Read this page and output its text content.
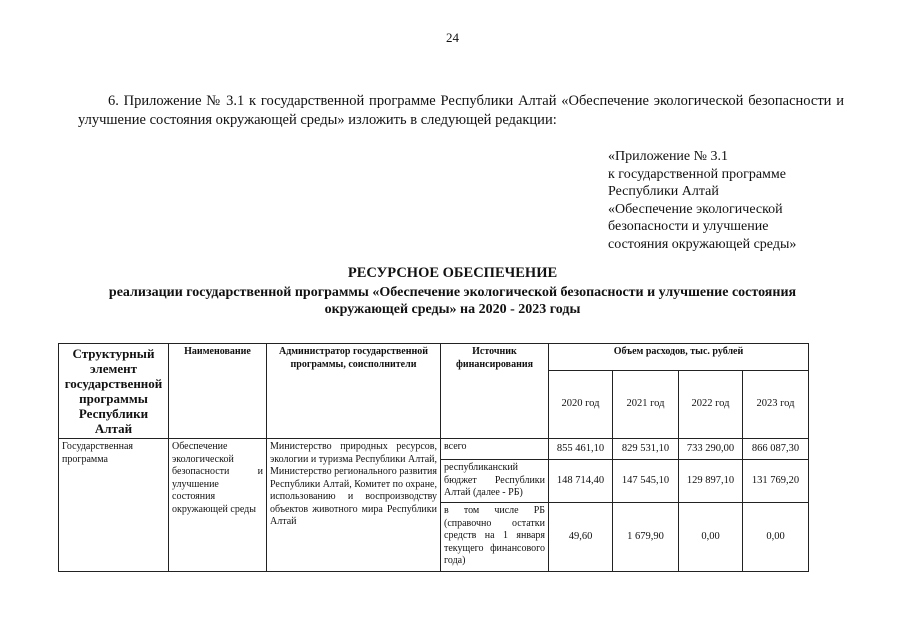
24

6. Приложение № 3.1 к государственной программе Республики Алтай «Обеспечение экологической безопасности и улучшение состояния окружающей среды» изложить в следующей редакции:

«Приложение № 3.1
к государственной программе
Республики Алтай
«Обеспечение экологической
безопасности и улучшение
состояния окружающей среды»
РЕСУРСНОЕ ОБЕСПЕЧЕНИЕ
реализации государственной программы «Обеспечение экологической безопасности и улучшение состояния
окружающей среды» на 2020 - 2023 годы
Структурный элемент государственной программы Республики Алтай	Наименование	Администратор государственной программы, соисполнители	Источник финансирования	Объем расходов, тыс. рублей			
				2020 год	2021 год	2022 год	2023 год
Государственная программа	Обеспечение экологической безопасности и улучшение состояния окружающей среды	Министерство природных ресурсов, экологии и туризма Республики Алтай, Министерство регионального развития Республики Алтай, Комитет по охране, использованию и воспроизводству объектов животного мира Республики Алтай	всего	855 461,10	829 531,10	733 290,00	866 087,30
			республиканский бюджет Республики Алтай (далее - РБ)	148 714,40	147 545,10	129 897,10	131 769,20
			в том числе РБ (справочно остатки средств на 1 января текущего финансового года)	49,60	1 679,90	0,00	0,00
